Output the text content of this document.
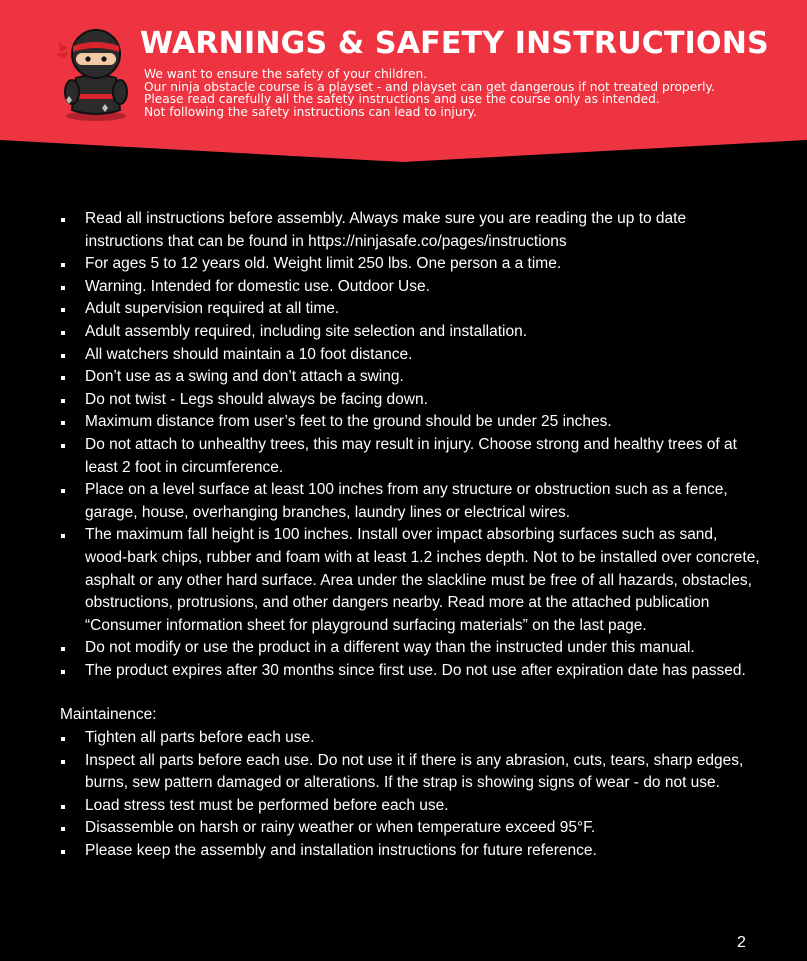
WARNINGS & SAFETY INSTRUCTIONS
We want to ensure the safety of your children.
Our ninja obstacle course is a playset - and playset can get dangerous if not treated properly.
Please read carefully all the safety instructions and use the course only as intended.
Not following the safety instructions can lead to injury.
Read all instructions before assembly. Always make sure you are reading the up to date instructions that can be found in https://ninjasafe.co/pages/instructions
For ages 5 to 12 years old. Weight limit 250 lbs. One person a a time.
Warning. Intended for domestic use. Outdoor Use.
Adult supervision required at all time.
Adult assembly required, including site selection and installation.
All watchers should maintain a 10 foot distance.
Don’t use as a swing and don’t attach a swing.
Do not twist - Legs should always be facing down.
Maximum distance from user’s feet to the ground should be under 25 inches.
Do not attach to unhealthy trees, this may result in injury. Choose strong and healthy trees of at least 2 foot in circumference.
Place on a level surface at least 100 inches from any structure or obstruction such as a fence, garage, house, overhanging branches, laundry lines or electrical wires.
The maximum fall height is 100 inches. Install over impact absorbing surfaces such as sand, wood-bark chips, rubber and foam with at least 1.2 inches depth. Not to be installed over concrete, asphalt or any other hard surface. Area under the slackline must be free of all hazards, obstacles, obstructions, protrusions, and other dangers nearby. Read more at the attached publication “Consumer information sheet for playground surfacing materials” on the last page.
Do not modify or use the product in a different way than the instructed under this manual.
The product expires after 30 months since first use. Do not use after expiration date has passed.
Maintainence:
Tighten all parts before each use.
Inspect all parts before each use. Do not use it if there is any abrasion, cuts, tears, sharp edges, burns, sew pattern damaged or alterations. If the strap is showing signs of wear - do not use.
Load stress test must be performed before each use.
Disassemble on harsh or rainy weather or when temperature exceed 95°F.
Please keep the assembly and installation instructions for future reference.
2
